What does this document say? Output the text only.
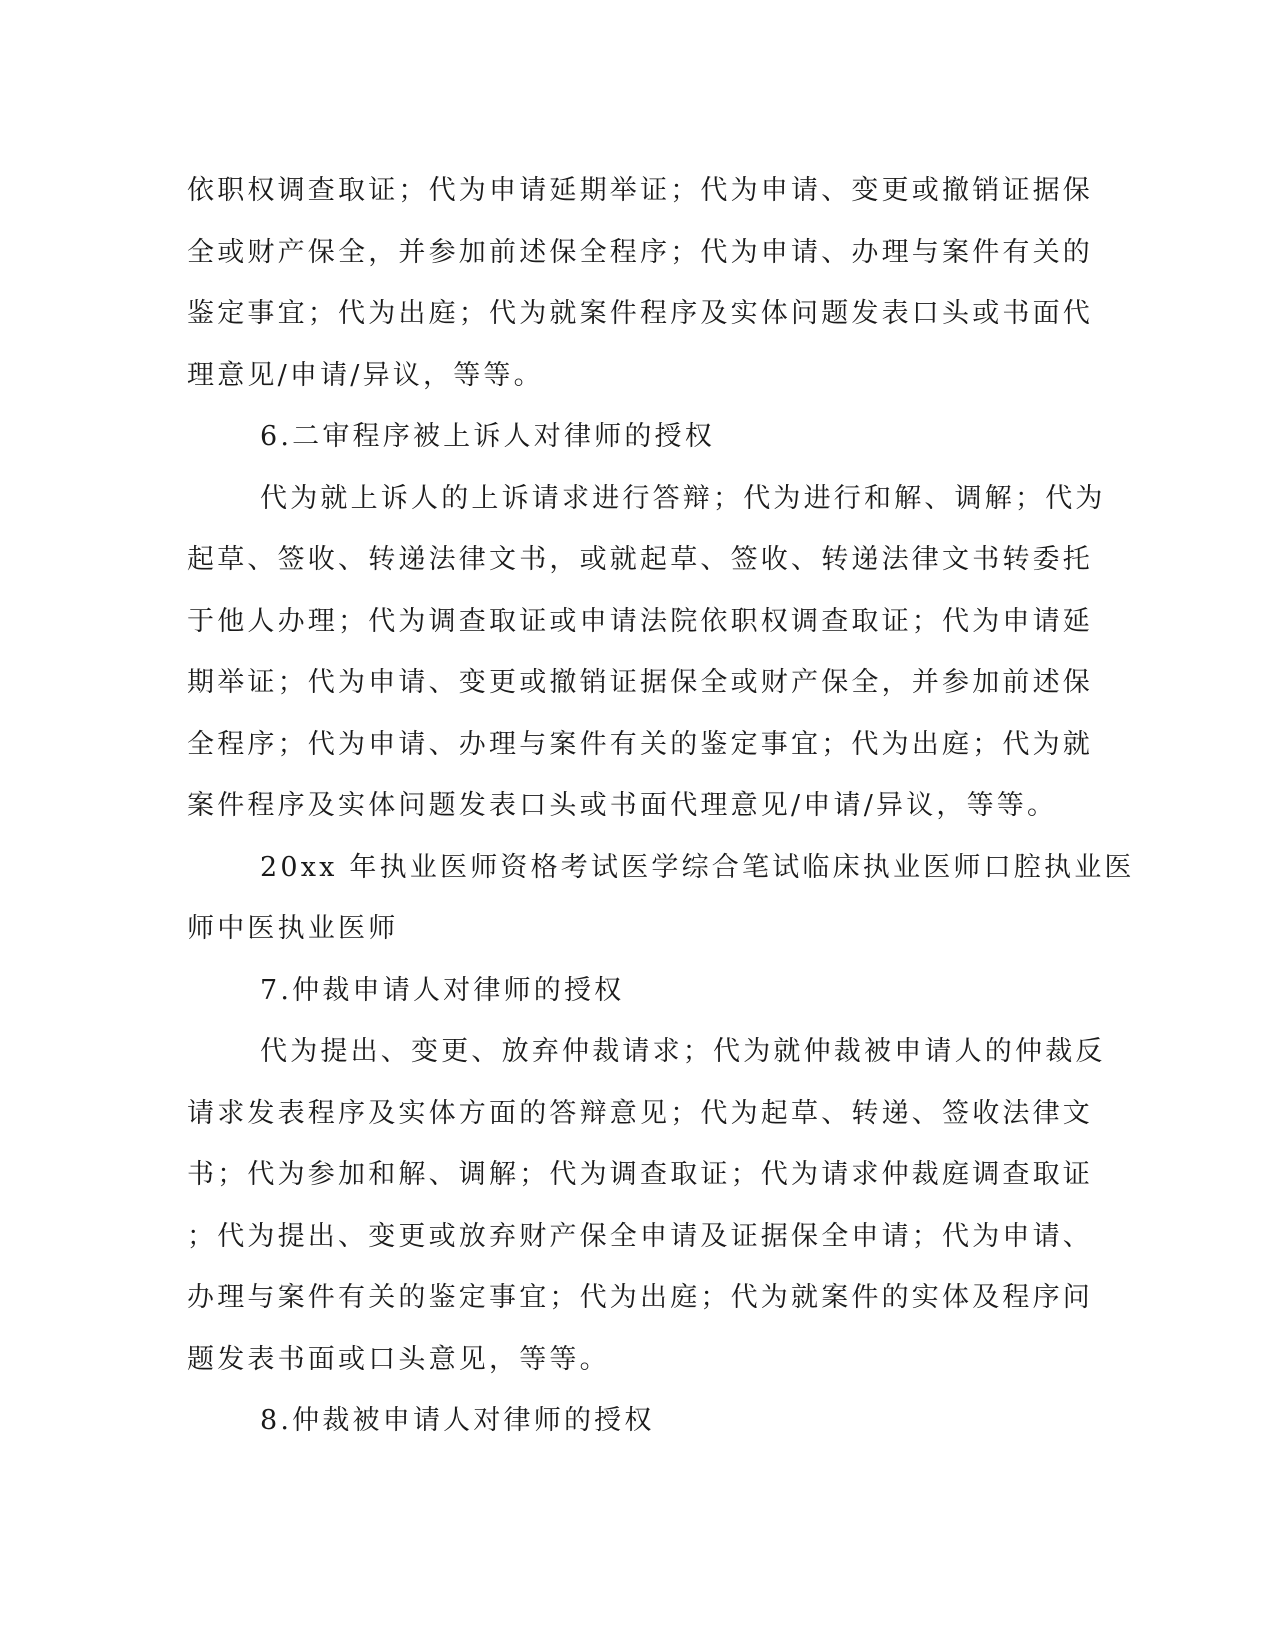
依职权调查取证；代为申请延期举证；代为申请、变更或撤销证据保
全或财产保全，并参加前述保全程序；代为申请、办理与案件有关的
鉴定事宜；代为出庭；代为就案件程序及实体问题发表口头或书面代
理意见/申请/异议，等等。
6.二审程序被上诉人对律师的授权
代为就上诉人的上诉请求进行答辩；代为进行和解、调解；代为
起草、签收、转递法律文书，或就起草、签收、转递法律文书转委托
于他人办理；代为调查取证或申请法院依职权调查取证；代为申请延
期举证；代为申请、变更或撤销证据保全或财产保全，并参加前述保
全程序；代为申请、办理与案件有关的鉴定事宜；代为出庭；代为就
案件程序及实体问题发表口头或书面代理意见/申请/异议，等等。
20xx 年执业医师资格考试医学综合笔试临床执业医师口腔执业医
师中医执业医师
7.仲裁申请人对律师的授权
代为提出、变更、放弃仲裁请求；代为就仲裁被申请人的仲裁反
请求发表程序及实体方面的答辩意见；代为起草、转递、签收法律文
书；代为参加和解、调解；代为调查取证；代为请求仲裁庭调查取证
；代为提出、变更或放弃财产保全申请及证据保全申请；代为申请、
办理与案件有关的鉴定事宜；代为出庭；代为就案件的实体及程序问
题发表书面或口头意见，等等。
8.仲裁被申请人对律师的授权
